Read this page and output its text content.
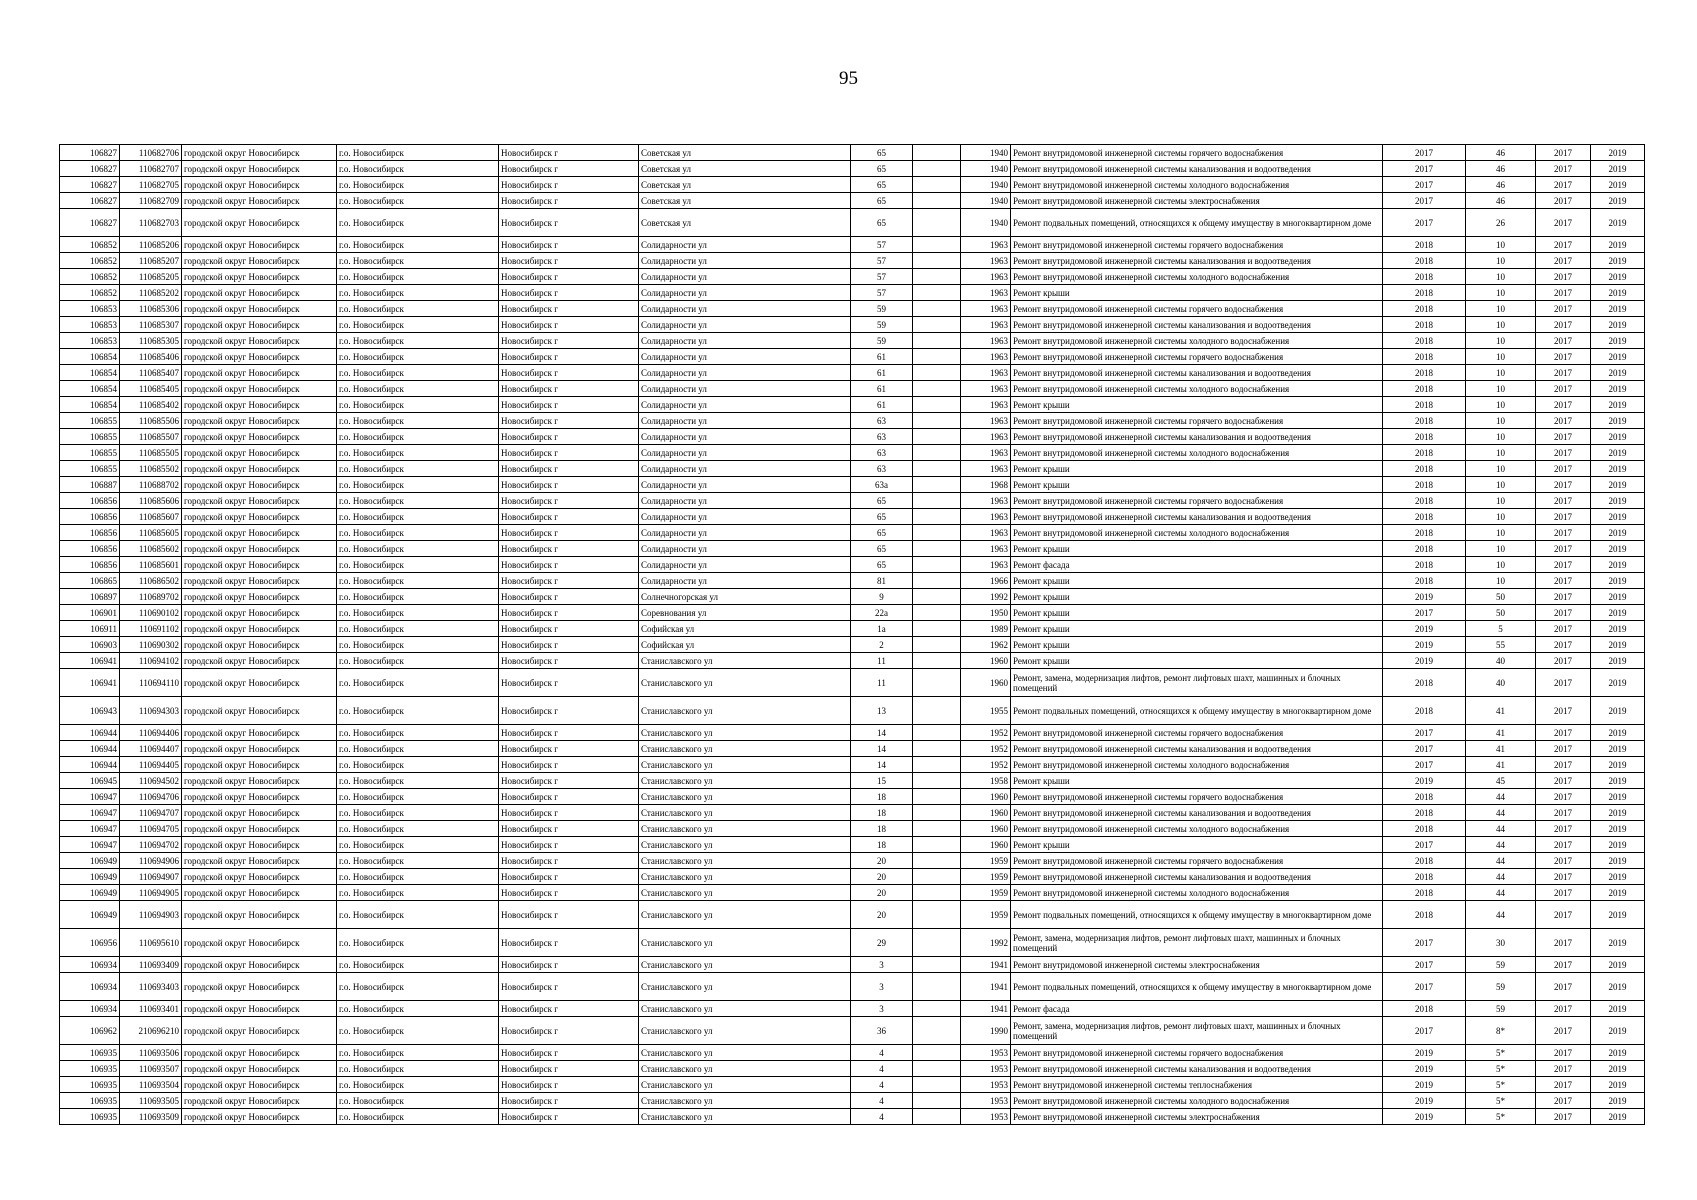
95
106827	110682706	городской округ Новосибирск	г.о. Новосибирск	Новосибирск г	Советская ул	65		1940	Ремонт внутридомовой инженерной системы горячего водоснабжения	2017	46	2017	2019
106827	110682707	городской округ Новосибирск	г.о. Новосибирск	Новосибирск г	Советская ул	65		1940	Ремонт внутридомовой инженерной системы канализования и водоотведения	2017	46	2017	2019
106827	110682705	городской округ Новосибирск	г.о. Новосибирск	Новосибирск г	Советская ул	65		1940	Ремонт внутридомовой инженерной системы холодного водоснабжения	2017	46	2017	2019
106827	110682709	городской округ Новосибирск	г.о. Новосибирск	Новосибирск г	Советская ул	65		1940	Ремонт внутридомовой инженерной системы электроснабжения	2017	46	2017	2019
106827	110682703	городской округ Новосибирск	г.о. Новосибирск	Новосибирск г	Советская ул	65		1940	Ремонт подвальных помещений, относящихся к общему имуществу в многоквартирном доме	2017	26	2017	2019
106852	110685206	городской округ Новосибирск	г.о. Новосибирск	Новосибирск г	Солидарности ул	57		1963	Ремонт внутридомовой инженерной системы горячего водоснабжения	2018	10	2017	2019
106852	110685207	городской округ Новосибирск	г.о. Новосибирск	Новосибирск г	Солидарности ул	57		1963	Ремонт внутридомовой инженерной системы канализования и водоотведения	2018	10	2017	2019
106852	110685205	городской округ Новосибирск	г.о. Новосибирск	Новосибирск г	Солидарности ул	57		1963	Ремонт внутридомовой инженерной системы холодного водоснабжения	2018	10	2017	2019
106852	110685202	городской округ Новосибирск	г.о. Новосибирск	Новосибирск г	Солидарности ул	57		1963	Ремонт крыши	2018	10	2017	2019
106853	110685306	городской округ Новосибирск	г.о. Новосибирск	Новосибирск г	Солидарности ул	59		1963	Ремонт внутридомовой инженерной системы горячего водоснабжения	2018	10	2017	2019
106853	110685307	городской округ Новосибирск	г.о. Новосибирск	Новосибирск г	Солидарности ул	59		1963	Ремонт внутридомовой инженерной системы канализования и водоотведения	2018	10	2017	2019
106853	110685305	городской округ Новосибирск	г.о. Новосибирск	Новосибирск г	Солидарности ул	59		1963	Ремонт внутридомовой инженерной системы холодного водоснабжения	2018	10	2017	2019
106854	110685406	городской округ Новосибирск	г.о. Новосибирск	Новосибирск г	Солидарности ул	61		1963	Ремонт внутридомовой инженерной системы горячего водоснабжения	2018	10	2017	2019
106854	110685407	городской округ Новосибирск	г.о. Новосибирск	Новосибирск г	Солидарности ул	61		1963	Ремонт внутридомовой инженерной системы канализования и водоотведения	2018	10	2017	2019
106854	110685405	городской округ Новосибирск	г.о. Новосибирск	Новосибирск г	Солидарности ул	61		1963	Ремонт внутридомовой инженерной системы холодного водоснабжения	2018	10	2017	2019
106854	110685402	городской округ Новосибирск	г.о. Новосибирск	Новосибирск г	Солидарности ул	61		1963	Ремонт крыши	2018	10	2017	2019
106855	110685506	городской округ Новосибирск	г.о. Новосибирск	Новосибирск г	Солидарности ул	63		1963	Ремонт внутридомовой инженерной системы горячего водоснабжения	2018	10	2017	2019
106855	110685507	городской округ Новосибирск	г.о. Новосибирск	Новосибирск г	Солидарности ул	63		1963	Ремонт внутридомовой инженерной системы канализования и водоотведения	2018	10	2017	2019
106855	110685505	городской округ Новосибирск	г.о. Новосибирск	Новосибирск г	Солидарности ул	63		1963	Ремонт внутридомовой инженерной системы холодного водоснабжения	2018	10	2017	2019
106855	110685502	городской округ Новосибирск	г.о. Новосибирск	Новосибирск г	Солидарности ул	63		1963	Ремонт крыши	2018	10	2017	2019
106887	110688702	городской округ Новосибирск	г.о. Новосибирск	Новосибирск г	Солидарности ул	63а		1968	Ремонт крыши	2018	10	2017	2019
106856	110685606	городской округ Новосибирск	г.о. Новосибирск	Новосибирск г	Солидарности ул	65		1963	Ремонт внутридомовой инженерной системы горячего водоснабжения	2018	10	2017	2019
106856	110685607	городской округ Новосибирск	г.о. Новосибирск	Новосибирск г	Солидарности ул	65		1963	Ремонт внутридомовой инженерной системы канализования и водоотведения	2018	10	2017	2019
106856	110685605	городской округ Новосибирск	г.о. Новосибирск	Новосибирск г	Солидарности ул	65		1963	Ремонт внутридомовой инженерной системы холодного водоснабжения	2018	10	2017	2019
106856	110685602	городской округ Новосибирск	г.о. Новосибирск	Новосибирск г	Солидарности ул	65		1963	Ремонт крыши	2018	10	2017	2019
106856	110685601	городской округ Новосибирск	г.о. Новосибирск	Новосибирск г	Солидарности ул	65		1963	Ремонт фасада	2018	10	2017	2019
106865	110686502	городской округ Новосибирск	г.о. Новосибирск	Новосибирск г	Солидарности ул	81		1966	Ремонт крыши	2018	10	2017	2019
106897	110689702	городской округ Новосибирск	г.о. Новосибирск	Новосибирск г	Солнечногорская ул	9		1992	Ремонт крыши	2019	50	2017	2019
106901	110690102	городской округ Новосибирск	г.о. Новосибирск	Новосибирск г	Соревнования ул	22а		1950	Ремонт крыши	2017	50	2017	2019
106911	110691102	городской округ Новосибирск	г.о. Новосибирск	Новосибирск г	Софийская ул	1а		1989	Ремонт крыши	2019	5	2017	2019
106903	110690302	городской округ Новосибирск	г.о. Новосибирск	Новосибирск г	Софийская ул	2		1962	Ремонт крыши	2019	55	2017	2019
106941	110694102	городской округ Новосибирск	г.о. Новосибирск	Новосибирск г	Станиславского ул	11		1960	Ремонт крыши	2019	40	2017	2019
106941	110694110	городской округ Новосибирск	г.о. Новосибирск	Новосибирск г	Станиславского ул	11		1960	Ремонт, замена, модернизация лифтов, ремонт лифтовых шахт, машинных и блочных помещений	2018	40	2017	2019
106943	110694303	городской округ Новосибирск	г.о. Новосибирск	Новосибирск г	Станиславского ул	13		1955	Ремонт подвальных помещений, относящихся к общему имуществу в многоквартирном доме	2018	41	2017	2019
106944	110694406	городской округ Новосибирск	г.о. Новосибирск	Новосибирск г	Станиславского ул	14		1952	Ремонт внутридомовой инженерной системы горячего водоснабжения	2017	41	2017	2019
106944	110694407	городской округ Новосибирск	г.о. Новосибирск	Новосибирск г	Станиславского ул	14		1952	Ремонт внутридомовой инженерной системы канализования и водоотведения	2017	41	2017	2019
106944	110694405	городской округ Новосибирск	г.о. Новосибирск	Новосибирск г	Станиславского ул	14		1952	Ремонт внутридомовой инженерной системы холодного водоснабжения	2017	41	2017	2019
106945	110694502	городской округ Новосибирск	г.о. Новосибирск	Новосибирск г	Станиславского ул	15		1958	Ремонт крыши	2019	45	2017	2019
106947	110694706	городской округ Новосибирск	г.о. Новосибирск	Новосибирск г	Станиславского ул	18		1960	Ремонт внутридомовой инженерной системы горячего водоснабжения	2018	44	2017	2019
106947	110694707	городской округ Новосибирск	г.о. Новосибирск	Новосибирск г	Станиславского ул	18		1960	Ремонт внутридомовой инженерной системы канализования и водоотведения	2018	44	2017	2019
106947	110694705	городской округ Новосибирск	г.о. Новосибирск	Новосибирск г	Станиславского ул	18		1960	Ремонт внутридомовой инженерной системы холодного водоснабжения	2018	44	2017	2019
106947	110694702	городской округ Новосибирск	г.о. Новосибирск	Новосибирск г	Станиславского ул	18		1960	Ремонт крыши	2017	44	2017	2019
106949	110694906	городской округ Новосибирск	г.о. Новосибирск	Новосибирск г	Станиславского ул	20		1959	Ремонт внутридомовой инженерной системы горячего водоснабжения	2018	44	2017	2019
106949	110694907	городской округ Новосибирск	г.о. Новосибирск	Новосибирск г	Станиславского ул	20		1959	Ремонт внутридомовой инженерной системы канализования и водоотведения	2018	44	2017	2019
106949	110694905	городской округ Новосибирск	г.о. Новосибирск	Новосибирск г	Станиславского ул	20		1959	Ремонт внутридомовой инженерной системы холодного водоснабжения	2018	44	2017	2019
106949	110694903	городской округ Новосибирск	г.о. Новосибирск	Новосибирск г	Станиславского ул	20		1959	Ремонт подвальных помещений, относящихся к общему имуществу в многоквартирном доме	2018	44	2017	2019
106956	110695610	городской округ Новосибирск	г.о. Новосибирск	Новосибирск г	Станиславского ул	29		1992	Ремонт, замена, модернизация лифтов, ремонт лифтовых шахт, машинных и блочных помещений	2017	30	2017	2019
106934	110693409	городской округ Новосибирск	г.о. Новосибирск	Новосибирск г	Станиславского ул	3		1941	Ремонт внутридомовой инженерной системы электроснабжения	2017	59	2017	2019
106934	110693403	городской округ Новосибирск	г.о. Новосибирск	Новосибирск г	Станиславского ул	3		1941	Ремонт подвальных помещений, относящихся к общему имуществу в многоквартирном доме	2017	59	2017	2019
106934	110693401	городской округ Новосибирск	г.о. Новосибирск	Новосибирск г	Станиславского ул	3		1941	Ремонт фасада	2018	59	2017	2019
106962	210696210	городской округ Новосибирск	г.о. Новосибирск	Новосибирск г	Станиславского ул	36		1990	Ремонт, замена, модернизация лифтов, ремонт лифтовых шахт, машинных и блочных помещений	2017	8*	2017	2019
106935	110693506	городской округ Новосибирск	г.о. Новосибирск	Новосибирск г	Станиславского ул	4		1953	Ремонт внутридомовой инженерной системы горячего водоснабжения	2019	5*	2017	2019
106935	110693507	городской округ Новосибирск	г.о. Новосибирск	Новосибирск г	Станиславского ул	4		1953	Ремонт внутридомовой инженерной системы канализования и водоотведения	2019	5*	2017	2019
106935	110693504	городской округ Новосибирск	г.о. Новосибирск	Новосибирск г	Станиславского ул	4		1953	Ремонт внутридомовой инженерной системы теплоснабжения	2019	5*	2017	2019
106935	110693505	городской округ Новосибирск	г.о. Новосибирск	Новосибирск г	Станиславского ул	4		1953	Ремонт внутридомовой инженерной системы холодного водоснабжения	2019	5*	2017	2019
106935	110693509	городской округ Новосибирск	г.о. Новосибирск	Новосибирск г	Станиславского ул	4		1953	Ремонт внутридомовой инженерной системы электроснабжения	2019	5*	2017	2019
